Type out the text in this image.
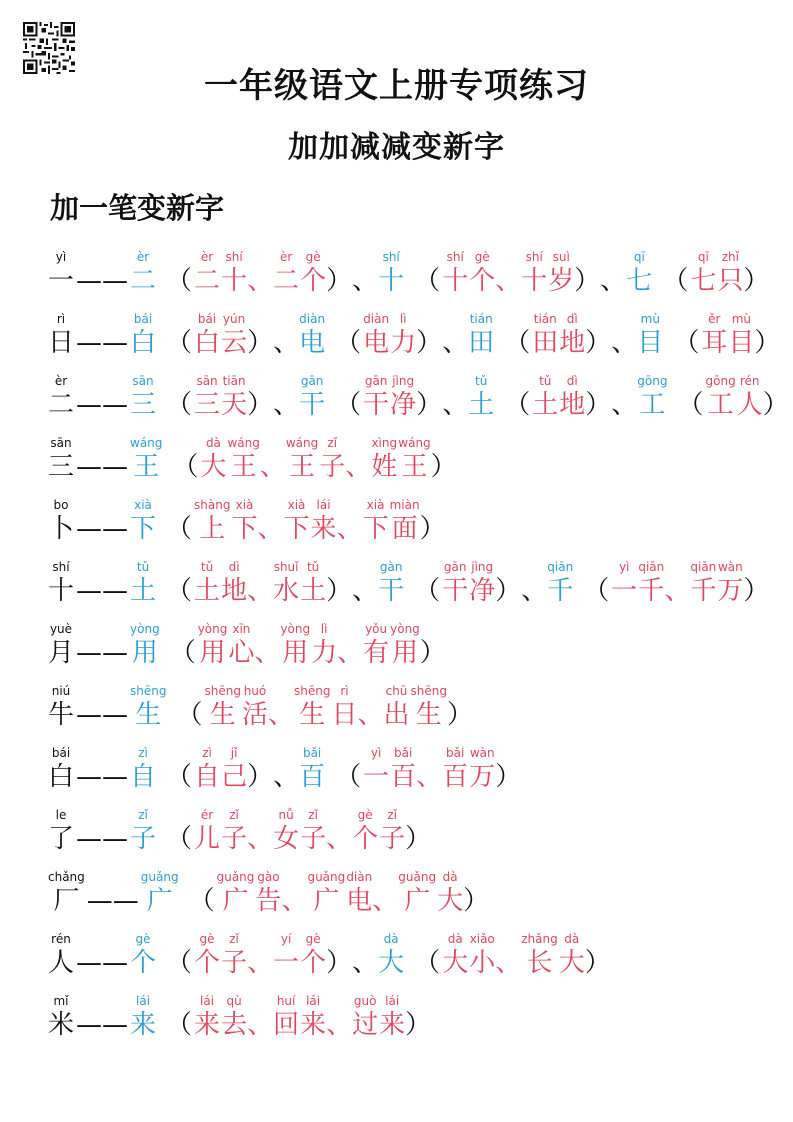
一年级语文上册专项练习
加加减减变新字
加一笔变新字
yì
一 ——
èr
二 （
èr
二
shí
十 、
èr
二
gè
个 ） 、
shí
十 （
shí
十
gè
个 、
shí
十
suì
岁 ） 、
qī
七 （
qī
七
zhǐ
只 ）
rì
日 ——
bái
白 （
bái
白
yún
云 ） 、
diàn
电 （
diàn
电
lì
力 ） 、
tián
田 （
tián
田
dì
地 ） 、
mù
目 （
ěr
耳
mù
目 ）
èr
二 ——
sān
三 （
sān
三
tiān
天 ） 、
gān
干 （
gān
干
jìng
净 ） 、
tǔ
土 （
tǔ
土
dì
地 ） 、
gōng
工 （
gōng
工
rén
人 ）
sān
三 ——
wáng
王 （
dà
大
wáng
王 、
wáng
王
zǐ
子 、
xìng
姓
wáng
王 ）
bo
卜 ——
xià
下 （
shàng
上
xià
下 、
xià
下
lái
来 、
xià
下
miàn
面 ）
shí
十 ——
tǔ
土 （
tǔ
土
dì
地 、
shuǐ
水
tǔ
土 ） 、
gàn
干 （
gān
干
jìng
净 ） 、
qiān
千 （
yì
一
qiān
千 、
qiān
千
wàn
万 ）
yuè
月 ——
yòng
用 （
yòng
用
xīn
心 、
yòng
用
lì
力 、
yǒu
有
yòng
用 ）
niú
牛 ——
shēng
生 （
shēng
生
huó
活 、
shēng
生
rì
日 、
chū
出
shēng
生 ）
bái
白 ——
zì
自 （
zì
自
jǐ
己 ） 、
bǎi
百 （
yì
一
bǎi
百 、
bǎi
百
wàn
万 ）
le
了 ——
zǐ
子 （
ér
儿
zǐ
子 、
nǚ
女
zǐ
子 、
gè
个
zǐ
子 ）
chǎng
厂 ——
guǎng
广 （
guǎng
广
gào
告 、
guǎng
广
diàn
电 、
guǎng
广
dà
大 ）
rén
人 ——
gè
个 （
gè
个
zǐ
子 、
yí
一
gè
个 ） 、
dà
大 （
dà
大
xiǎo
小 、
zhǎng
长
dà
大 ）
mǐ
米 ——
lái
来 （
lái
来
qù
去 、
huí
回
lái
来 、
guò
过
lái
来 ）
